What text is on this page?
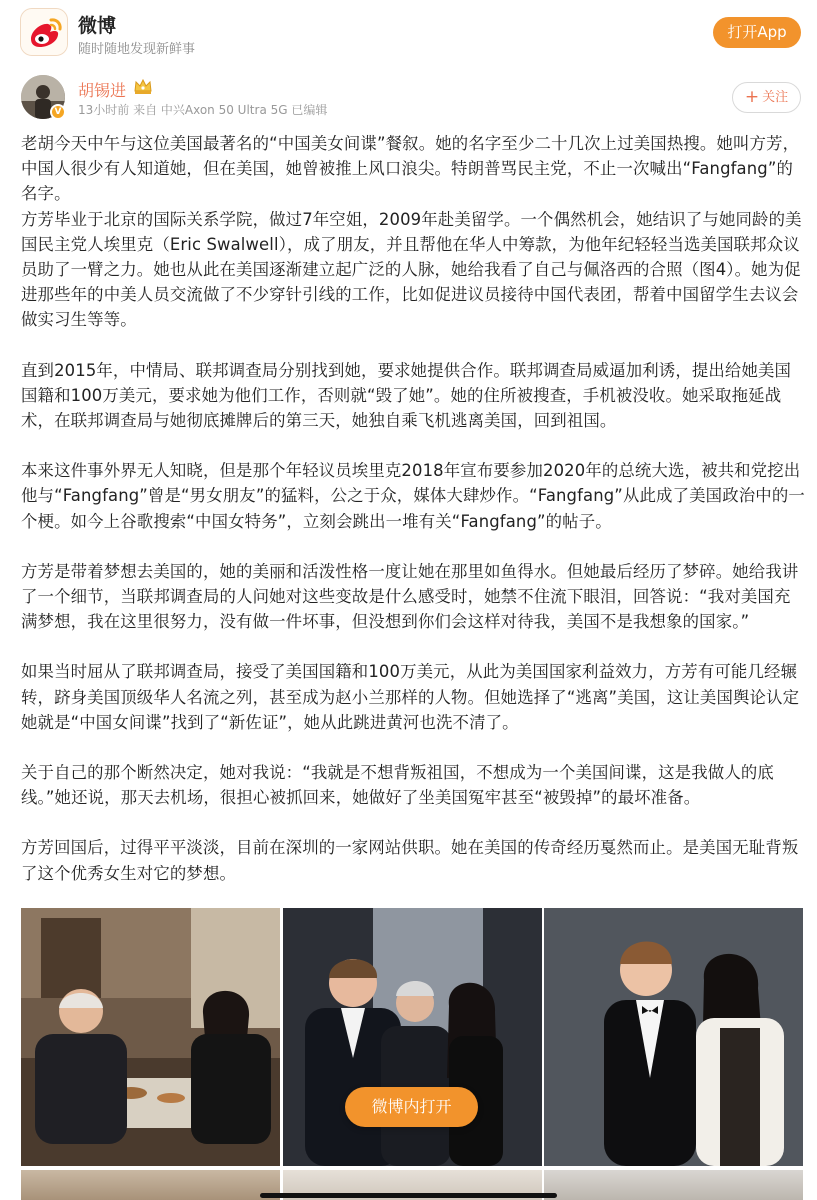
微博
随时随地发现新鲜事
打开App
V
胡锡进
13小时前 来自 中兴Axon 50 Ultra 5G 已编辑
+ 关注

老胡今天中午与这位美国最著名的“中国美女间谍”餐叙。她的名字至少二十几次上过美国热搜。她叫方芳，中国人很少有人知道她，但在美国，她曾被推上风口浪尖。特朗普骂民主党，不止一次喊出“Fangfang”的名字。

方芳毕业于北京的国际关系学院，做过7年空姐，2009年赴美留学。一个偶然机会，她结识了与她同龄的美国民主党人埃里克（Eric Swalwell），成了朋友，并且帮他在华人中筹款，为他年纪轻轻当选美国联邦众议员助了一臂之力。她也从此在美国逐渐建立起广泛的人脉，她给我看了自己与佩洛西的合照（图4）。她为促进那些年的中美人员交流做了不少穿针引线的工作，比如促进议员接待中国代表团，帮着中国留学生去议会做实习生等等。

直到2015年，中情局、联邦调查局分别找到她，要求她提供合作。联邦调查局威逼加利诱，提出给她美国国籍和100万美元，要求她为他们工作，否则就“毁了她”。她的住所被搜查，手机被没收。她采取拖延战术，在联邦调查局与她彻底摊牌后的第三天，她独自乘飞机逃离美国，回到祖国。

本来这件事外界无人知晓，但是那个年轻议员埃里克2018年宣布要参加2020年的总统大选，被共和党挖出他与“Fangfang”曾是“男女朋友”的猛料，公之于众，媒体大肆炒作。“Fangfang”从此成了美国政治中的一个梗。如今上谷歌搜索“中国女特务”，立刻会跳出一堆有关“Fangfang”的帖子。

方芳是带着梦想去美国的，她的美丽和活泼性格一度让她在那里如鱼得水。但她最后经历了梦碎。她给我讲了一个细节，当联邦调查局的人问她对这些变故是什么感受时，她禁不住流下眼泪，回答说：“我对美国充满梦想，我在这里很努力，没有做一件坏事，但没想到你们会这样对待我，美国不是我想象的国家。”

如果当时屈从了联邦调查局，接受了美国国籍和100万美元，从此为美国国家利益效力，方芳有可能几经辗转，跻身美国顶级华人名流之列，甚至成为赵小兰那样的人物。但她选择了“逃离”美国，这让美国舆论认定她就是“中国女间谍”找到了“新佐证”，她从此跳进黄河也洗不清了。

关于自己的那个断然决定，她对我说：“我就是不想背叛祖国，不想成为一个美国间谍，这是我做人的底线。”她还说，那天去机场，很担心被抓回来，她做好了坐美国冤牢甚至“被毁掉”的最坏准备。

方芳回国后，过得平平淡淡，目前在深圳的一家网站供职。她在美国的传奇经历戛然而止。是美国无耻背叛了这个优秀女生对它的梦想。

微博内打开
